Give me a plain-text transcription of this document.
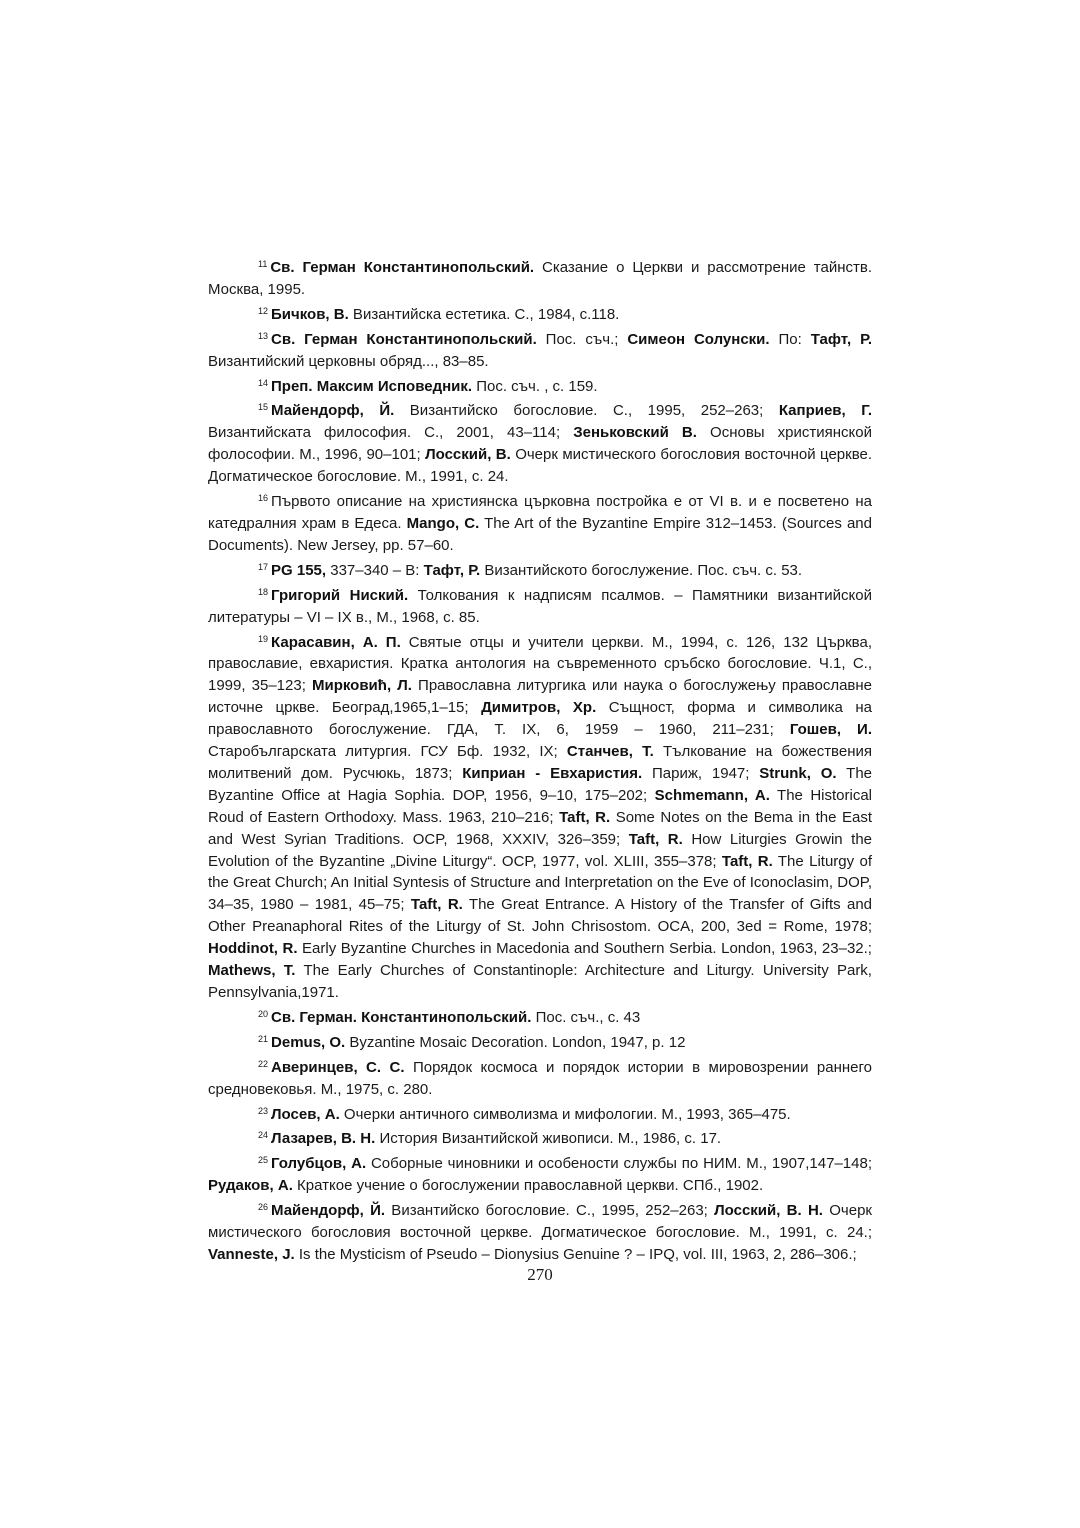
$^{11}$ Св. Герман Константинопольский. Сказание о Церкви и рассмотрение тайнств. Москва, 1995.

$^{12}$ Бичков, В. Византийска естетика. С., 1984, с.118.

$^{13}$ Св. Герман Константинопольский. Пос. съч.; Симеон Солунски. По: Тафт, Р. Византийский церковны обряд..., 83–85.

$^{14}$ Преп. Максим Исповедник. Пос. съч. , с. 159.

$^{15}$ Майендорф, Й. Византийско богословие. С., 1995, 252–263; Каприев, Г. Византийската философия. С., 2001, 43–114; Зеньковский В. Основы християнской фолософии. М., 1996, 90–101; Лосский, В. Очерк мистического богословия восточной церкве. Догматическое богословие. М., 1991, с. 24.

$^{16}$ Първото описание на християнска църковна постройка е от VI в. и е посветено на катедралния храм в Едеса. Mango, C. The Art of the Byzantine Empire 312–1453. (Sources and Documents). New Jersey, pp. 57–60.

$^{17}$ PG 155, 337–340 – В: Тафт, Р. Византийското богослужение. Пос. съч. с. 53.

$^{18}$ Григорий Ниский. Толкования к надписям псалмов. – Памятники византийской литературы – VI – IX в., М., 1968, с. 85.

$^{19}$ Карасавин, А. П. Святые отцы и учители церкви. М., 1994, с. 126, 132 Църква, православие, евхаристия. Кратка антология на съвременното сръбско богословие. Ч.1, С., 1999, 35–123; Мирковић, Л. Православна литургика или наука о богослужењу православне источне цркве. Београд,1965,1–15; Димитров, Хр. Същност, форма и символика на православното богослужение. ГДА, Т. IX, 6, 1959 – 1960, 211–231; Гошев, И. Старобългарската литургия. ГСУ Бф. 1932, IX; Станчев, Т. Тълкование на божествения молитвений дом. Русчюкь, 1873; Киприан - Евхаристия. Париж, 1947; Strunk, O. The Byzantine Office at Hagia Sophia. DOP, 1956, 9–10, 175–202; Schmemann, A. The Historical Roud of Eastern Orthodoxy. Mass. 1963, 210–216; Taft, R. Some Notes on the Bema in the East and West Syrian Traditions. OCP, 1968, XXXIV, 326–359; Taft, R. How Liturgies Growin the Evolution of the Byzantine „Divine Liturgy“. OCP, 1977, vol. XLIII, 355–378; Taft, R. The Liturgy of the Great Church; An Initial Syntesis of Structure and Interpretation on the Eve of Iconoclasim, DOP, 34–35, 1980 – 1981, 45–75; Taft, R. The Great Entrance. A History of the Transfer of Gifts and Other Preanaphoral Rites of the Liturgy of St. John Chrisostom. OCA, 200, 3ed = Rome, 1978; Hoddinot, R. Early Byzantine Churches in Macedonia and Southern Serbia. London, 1963, 23–32.; Mathews, T. The Early Churches of Constantinople: Architecture and Liturgy. University Park, Pennsylvania,1971.

$^{20}$ Св. Герман. Константинопольский. Пос. съч., с. 43

$^{21}$ Demus, O. Byzantine Mosaic Decoration. London, 1947, p. 12

$^{22}$ Аверинцев, С. С. Порядок космоса и порядок истории в мировозрении раннего средновековья. М., 1975, с. 280.

$^{23}$ Лосев, А. Очерки античного символизма и мифологии. М., 1993, 365–475.

$^{24}$ Лазарев, В. Н. История Византийской живописи. М., 1986, с. 17.

$^{25}$ Голубцов, А. Соборные чиновники и особености службы по НИМ. М., 1907,147–148; Рудаков, А. Краткое учение о богослужении православной церкви. СПб., 1902.

$^{26}$ Майендорф, Й. Византийско богословие. С., 1995, 252–263; Лосский, В. Н. Очерк мистического богословия восточной церкве. Догматическое богословие. М., 1991, с. 24.; Vanneste, J. Is the Mysticism of Pseudo – Dionysius Genuine ? – IPQ, vol. III, 1963, 2, 286–306.;

270
